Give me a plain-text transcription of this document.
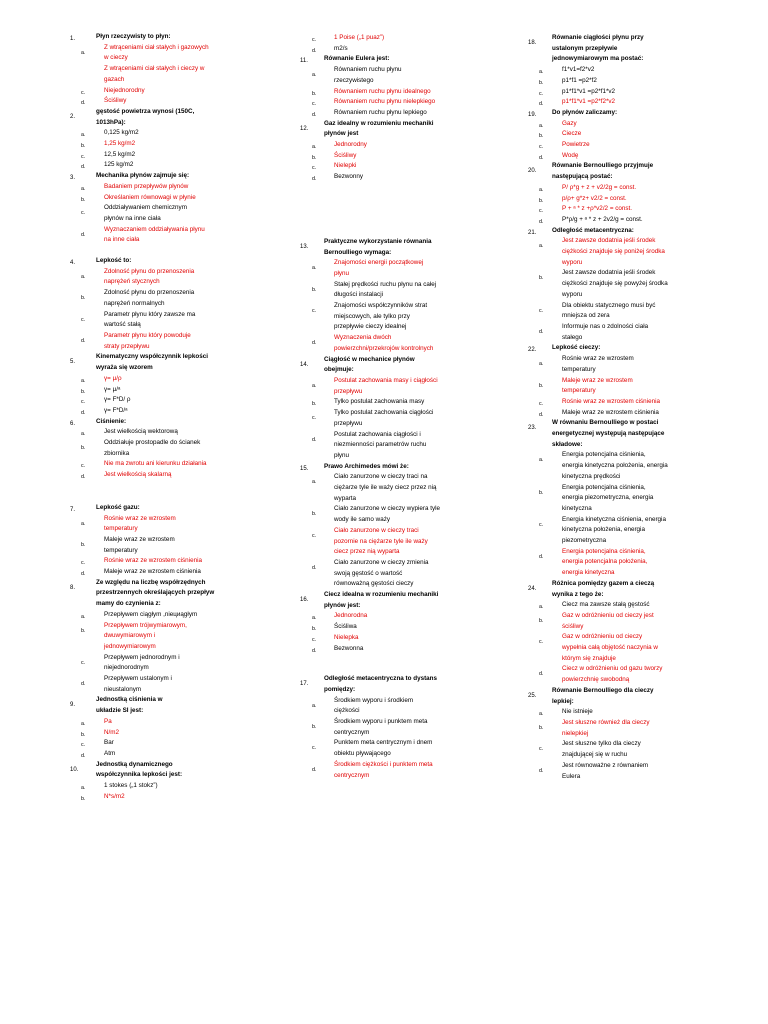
1.	Płyn rzeczywisty to płyn:
a.
Z wtrąceniami ciał stałych i gazowych
w cieczy
Z wtrąceniami ciał stałych i cieczy w
gazach
c.	Niejednorodny
d.	Ściśliwy
2.
gęstość powietrza wynosi (150C,
1013hPa):
a.	0,125 kg/m2
b.	1,25 kg/m2
c.	12,5 kg/m2
d.	125 kg/m2
3.	Mechanika płynów zajmuje się:
a.	Badaniem przepływów płynów
b.	Określaniem równowagi w płynie
c.
Oddziaływaniem chemicznym
płynów na inne ciała
d.
Wyznaczaniem oddziaływania płynu
na inne ciała
4.	Lepkość to:
a.
Zdolność płynu do przenoszenia
naprężeń stycznych
b.
Zdolność płynu do przenoszenia
naprężeń normalnych
c.
Parametr płynu który zawsze ma
wartość stałą
d.
Parametr płynu który powoduje
straty przepływu
5.
Kinematyczny współczynnik lepkości
wyraża się wzorem
a.	γ= μ/ρ
b.	γ= μ/ᵃ
c.	γ= F*D/ ρ
d.	γ= F*D/ᵃ
6.	Ciśnienie:
a.	Jest wielkością wektorową
b.
Oddziałuje prostopadle do ścianek
zbiornika
c.	Nie ma zwrotu ani kierunku działania
d.	Jest wielkością skalarną
7.	Lepkość gazu:
a.
Rośnie wraz ze wzrostem
temperatury
b.
Maleje wraz ze wzrostem
temperatury
c.	Rośnie wraz ze wzrostem ciśnienia
d.	Maleje wraz ze wzrostem ciśnienia
8.
Ze względu na liczbę współrzędnych
przestrzennych określających przepływ
mamy do czynienia z:
a.	Przepływem ciągłym ,niециągłym
b.
Przepływem trójwymiarowym,
dwuwymiarowym i
jednowymiarowym
c.
Przepływem jednorodnym i
niejednorodnym
d.
Przepływem ustalonym i
nieustalonym
9.
Jednostką ciśnienia w
układzie SI jest:
a.	Pa
b.	N/m2
c.	Bar
d.	Atm
10.
Jednostką dynamicznego
współczynnika lepkości jest:
a.	1 stokes („1 stokz”)
b.	N*s/m2
c.	1 Poise („1 puaz”)
d.	m2/s
11.	Równanie Eulera jest:
a.
Równaniem ruchu płynu
rzeczywistego
b.	Równaniem ruchu płynu idealnego
c.	Równaniem ruchu płynu nielepkiego
d.	Równaniem ruchu płynu lepkiego
12.
Gaz idealny w rozumieniu mechaniki
płynów jest
a.	Jednorodny
b.	Ściśliwy
c.	Nielepki
d.	Bezwonny
13.
Praktyczne wykorzystanie równania
Bernoulliego wymaga:
a.
Znajomości energii początkowej
płynu
b.
Stałej prędkości ruchu płynu na całej
długości instalacji
c.
Znajomości współczynników strat
miejscowych, ale tylko przy
przepływie cieczy idealnej
d.
Wyznaczenia dwóch
powierzchni/przekrojów kontrolnych
14.
Ciągłość w mechanice płynów
obejmuje:
a.
Postulat zachowania masy i ciągłości
przepływu
b.	Tylko postulat zachowania masy
c.
Tylko postulat zachowania ciągłości
przepływu
d.
Postulat zachowania ciągłości i
niezmienności parametrów ruchu
płynu
15. Prawo Archimedes mówi że:
a.
Ciało zanurzone w cieczy traci na
ciężarze tyle ile waży ciecz przez nią
wyparta
b.
Ciało zanurzone w cieczy wypiera tyle
wody ile samo waży
c.
Ciało zanurzone w cieczy traci
pozornie na ciężarze tyle ile waży
ciecz przez nią wyparta
d.
Ciało zanurzone w cieczy zmienia
swoją gęstość o wartość
równoważną gęstości cieczy
16.
Ciecz idealna w rozumieniu mechaniki
płynów jest:
a.	Jednorodna
b.	Ściśliwa
c.	Nielepka
d.	Bezwonna
17.
Odległość metacentryczna to dystans
pomiędzy:
a.
Środkiem wyporu i środkiem
ciężkości
b.
Środkiem wyporu i punktem meta
centrycznym
c.
Punktem meta centrycznym i dnem
obiektu pływającego
d.
Środkiem ciężkości i punktem meta
centrycznym
18.
Równanie ciągłości płynu przy
ustalonym przepływie
jednowymiarowym ma postać:
a.	f1*v1=f2*v2
b.	p1*f1 =p2*f2
c.	p1*f1*v1 =p2*f1*v2
d.	p1*f1*v1 =p2*f2*v2
19. Do płynów zaliczamy:
a.	Gazy
b.	Ciecze
c.	Powietrze
d.	Wodę
20.
Równanie Bernoulliego przyjmuje
następującą postać:
a.	P/ ρ*g + z + v2/2g = const.
b.	p/ρ+ g*z+ v2/2 = const.
c.	P + ᵃ * z +ρ*v2/2 = const.
d.	P*ρ/g + ᵃ * z + 2v2/g = const.
21. Odległość metacentryczna:
a.
Jest zawsze dodatnia jeśli środek
ciężkości znajduje się poniżej środka
wyporu
b.
Jest zawsze dodatnia jeśli środek
ciężkości znajduje się powyżej środka
wyporu
c.
Dla obiektu statycznego musi być
mniejsza od zera
d.
Informuje nas o zdolności ciała
stałego
22. Lepkość cieczy:
a.
Rośnie wraz ze wzrostem
temperatury
b.
Maleje wraz ze wzrostem
temperatury
c.	Rośnie wraz ze wzrostem ciśnienia
d.	Maleje wraz ze wzrostem ciśnienia
23.
W równaniu Bernoulliego w postaci
energetycznej występują następujące
składowe:
a.
Energia potencjalna ciśnienia,
energia kinetyczna położenia, energia
kinetyczna prędkości
b.
Energia potencjalna ciśnienia,
energia piezometryczna, energia
kinetyczna
c.
Energia kinetyczna ciśnienia, energia
kinetyczna położenia, energia
piezometryczna
d.
Energia potencjalna ciśnienia,
energia potencjalna położenia,
energia kinetyczna
24.
Różnica pomiędzy gazem a cieczą
wynika z tego że:
a.	Ciecz ma zawsze stałą gęstość
b.
Gaz w odróżnieniu od cieczy jest
ściśliwy
c.
Gaz w odróżnieniu od cieczy
wypełnia całą objętość naczynia w
którym się znajduje
d.
Ciecz w odróżnieniu od gazu tworzy
powierzchnię swobodną
25.
Równanie Bernoulliego dla cieczy
lepkiej:
a.	Nie istnieje
b.
Jest słuszne również dla cieczy
nielepkiej
c.
Jest słuszne tylko dla cieczy
znajdującej się w ruchu
d.
Jest równoważne z równaniem
Eulera
